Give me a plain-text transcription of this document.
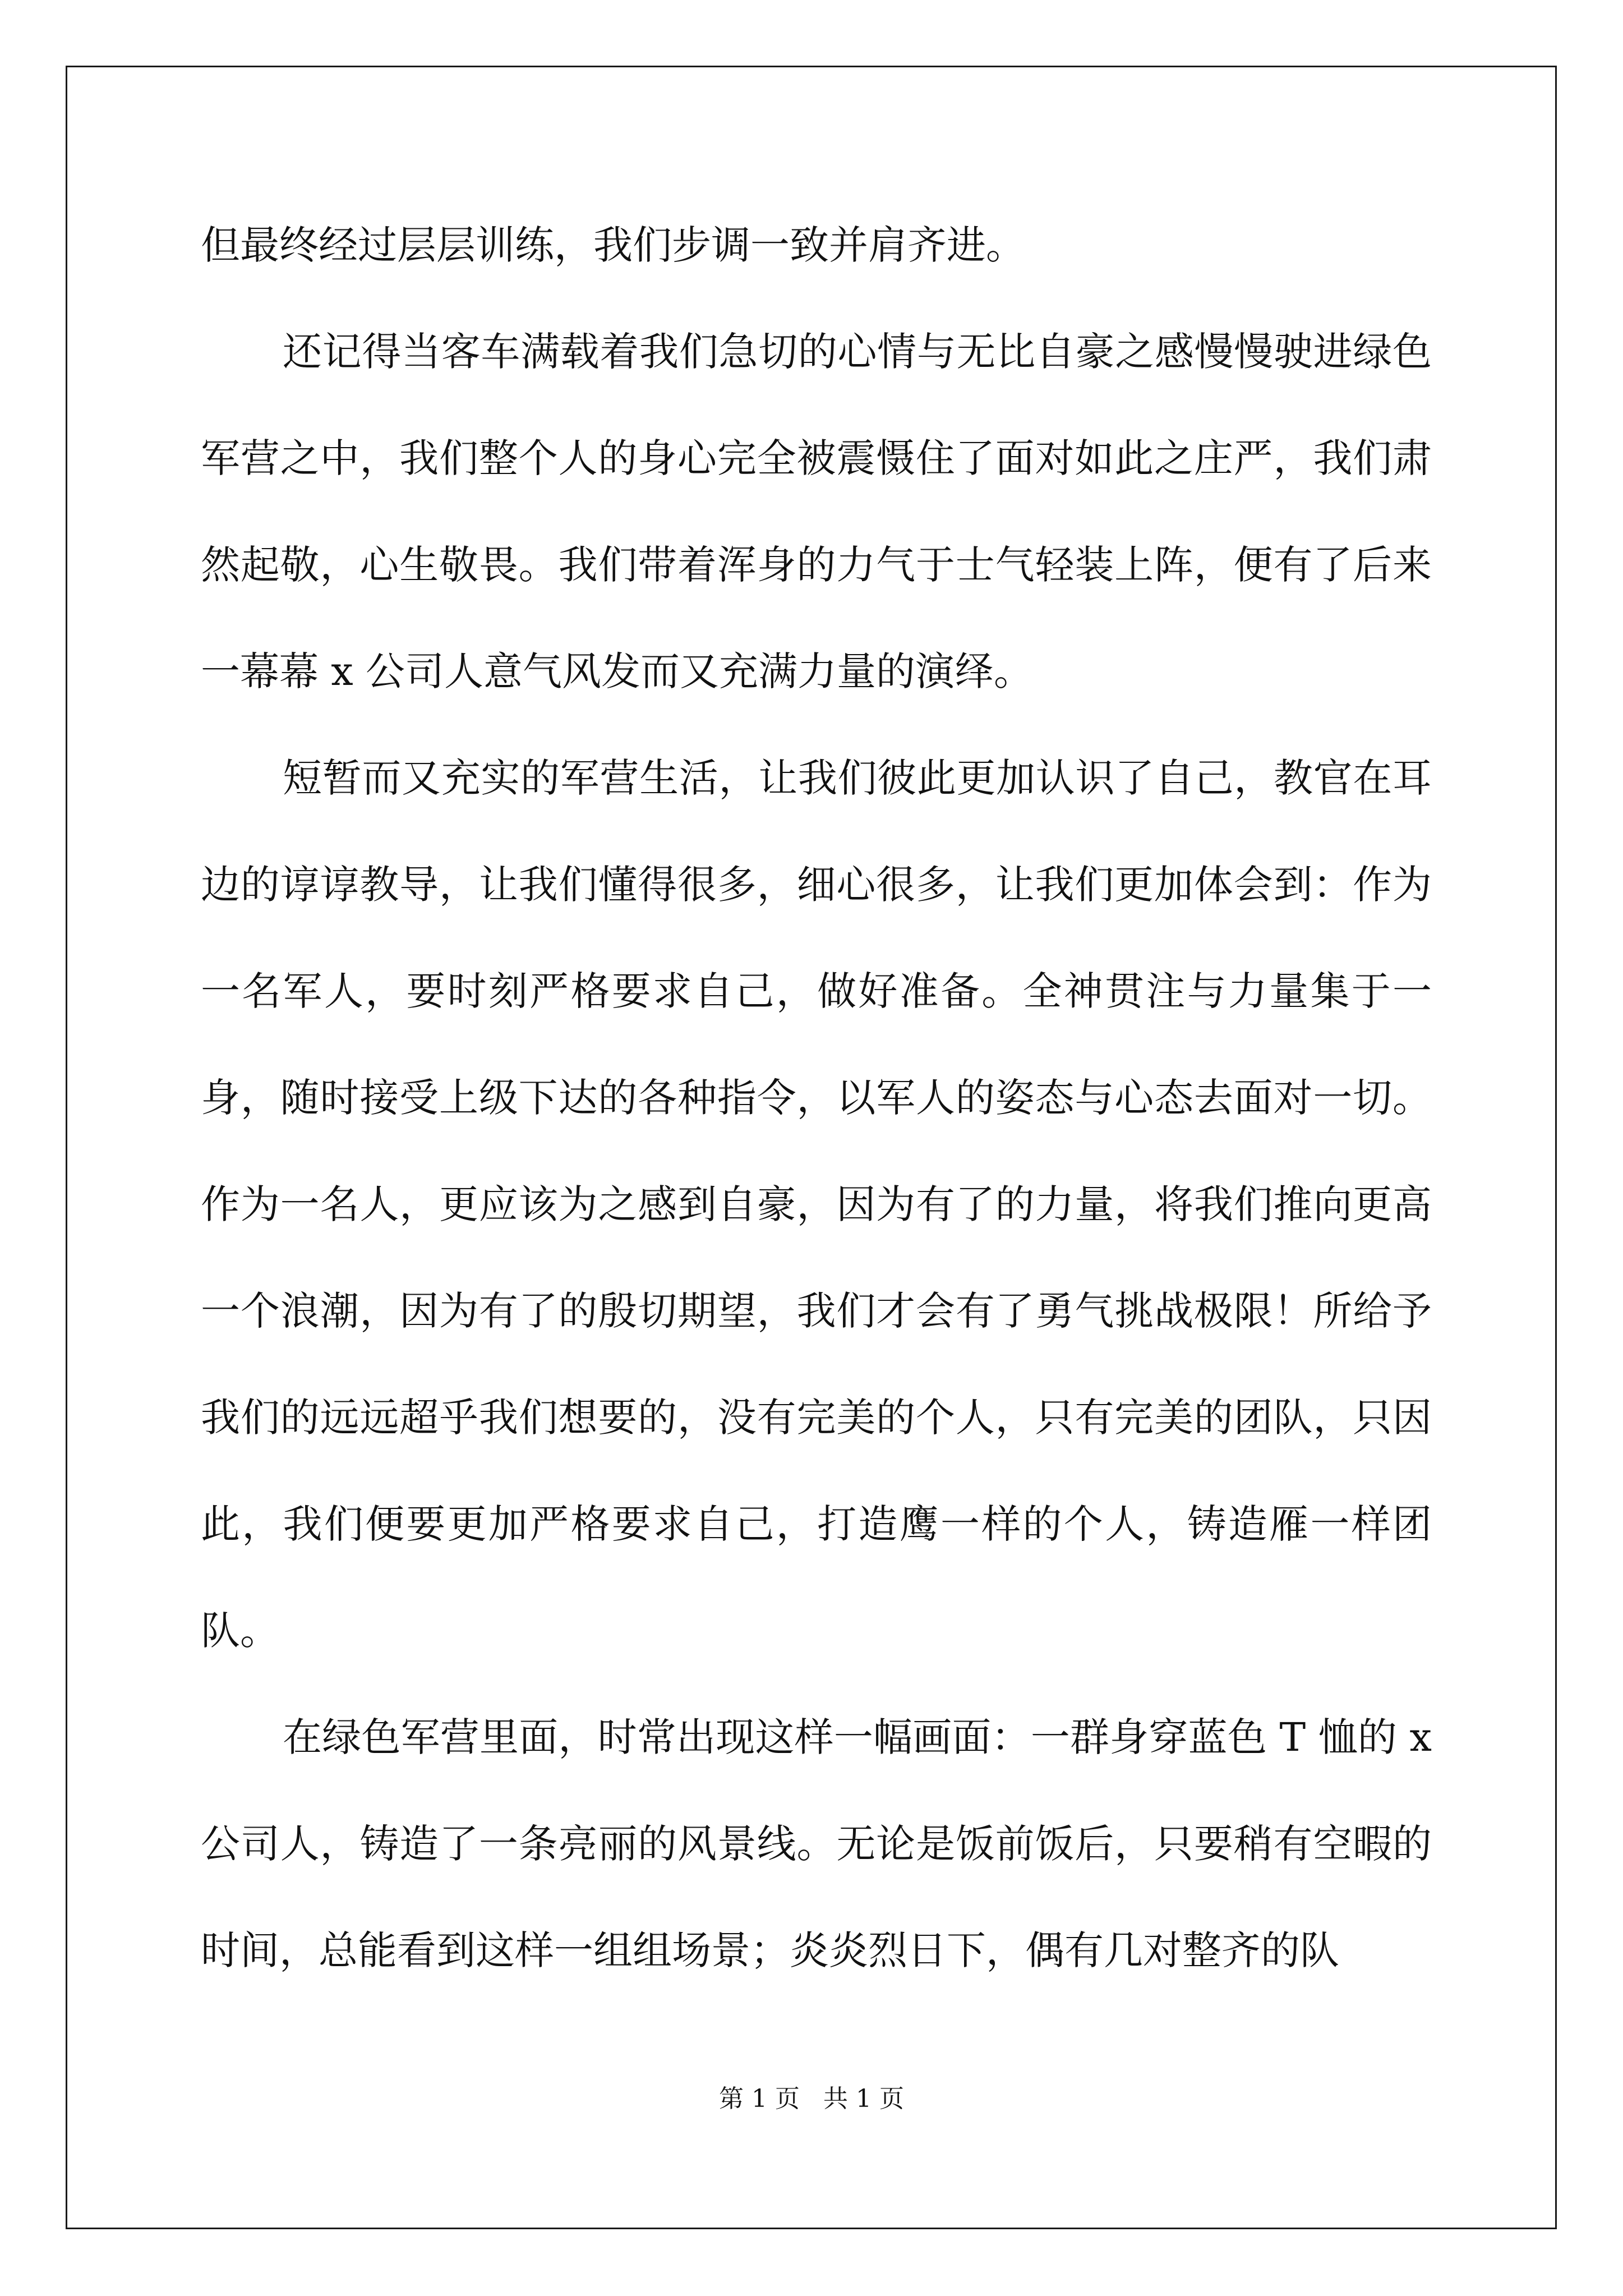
但最终经过层层训练，我们步调一致并肩齐进。

还记得当客车满载着我们急切的心情与无比自豪之感慢慢驶进绿色军营之中，我们整个人的身心完全被震慑住了面对如此之庄严，我们肃然起敬，心生敬畏。我们带着浑身的力气于士气轻装上阵，便有了后来一幕幕 x 公司人意气风发而又充满力量的演绎。

短暂而又充实的军营生活，让我们彼此更加认识了自己，教官在耳边的谆谆教导，让我们懂得很多，细心很多，让我们更加体会到：作为一名军人，要时刻严格要求自己，做好准备。全神贯注与力量集于一身，随时接受上级下达的各种指令，以军人的姿态与心态去面对一切。作为一名人，更应该为之感到自豪，因为有了的力量，将我们推向更高一个浪潮，因为有了的殷切期望，我们才会有了勇气挑战极限！所给予我们的远远超乎我们想要的，没有完美的个人，只有完美的团队，只因此，我们便要更加严格要求自己，打造鹰一样的个人，铸造雁一样团队。

在绿色军营里面，时常出现这样一幅画面：一群身穿蓝色 T 恤的 x 公司人，铸造了一条亮丽的风景线。无论是饭前饭后，只要稍有空暇的时间，总能看到这样一组组场景；炎炎烈日下，偶有几对整齐的队

第 1 页   共 1 页
